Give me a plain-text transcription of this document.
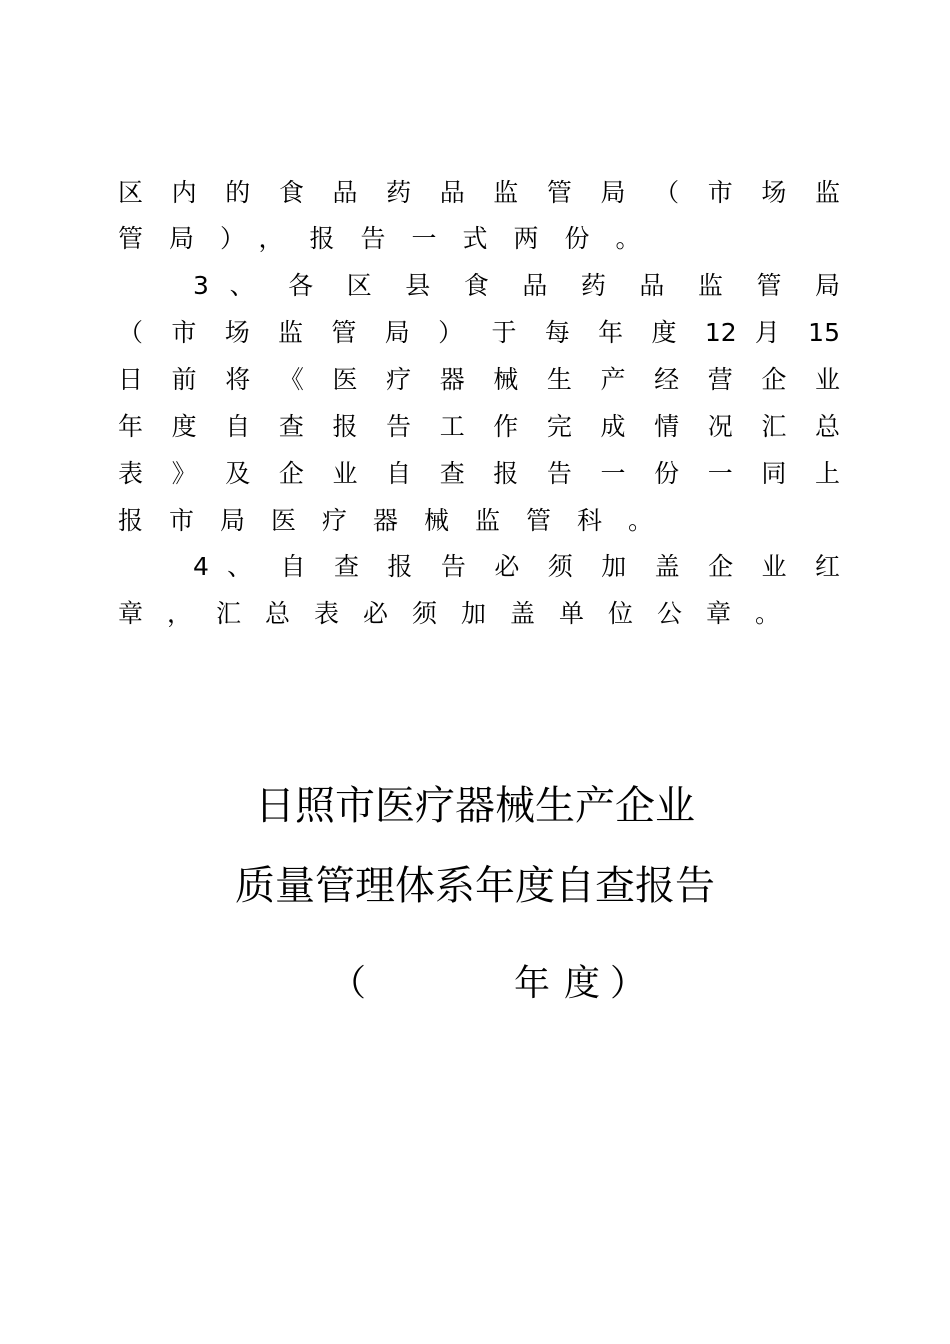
区 内 的 食 品 药 品 监 管 局 （ 市 场 监
管局），报告一式两份。
3 、 各 区 县 食 品 药 品 监 管 局
（ 市 场 监 管 局 ） 于 每 年 度 12 月 15
日 前 将 《 医 疗 器 械 生 产 经 营 企 业
年 度 自 查 报 告 工 作 完 成 情 况 汇 总
表 》 及 企 业 自 查 报 告 一 份 一 同 上
报市局医疗器械监管科。
4 、 自 查 报 告 必 须 加 盖 企 业 红
章，汇总表必须加盖单位公章。
日照市医疗器械生产企业
质量管理体系年度自查报告
（	年度
）
